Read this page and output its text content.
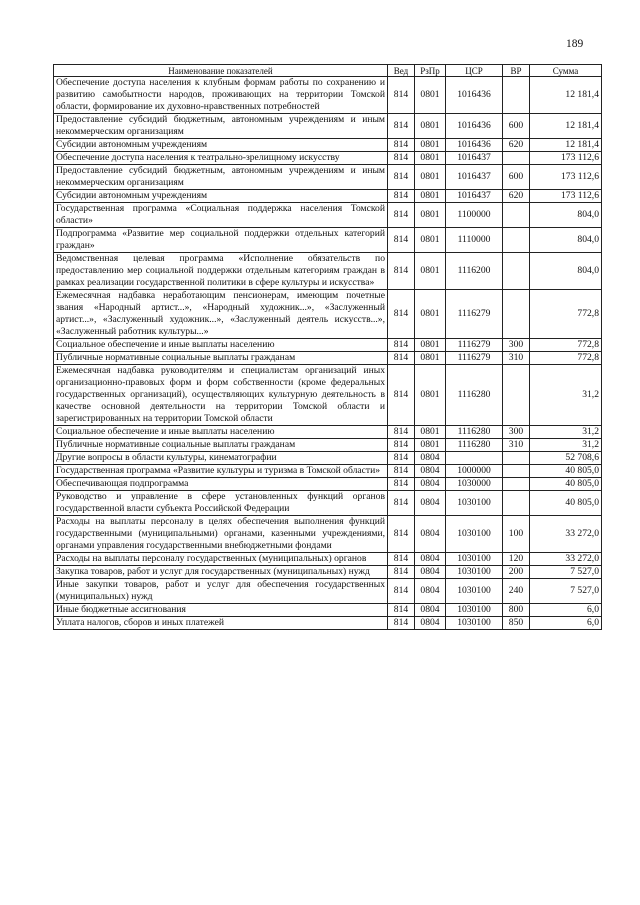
189
Наименование показателей	Вед	РзПр	ЦСР	ВР	Сумма
Обеспечение доступа населения к клубным формам работы по сохранению и развитию самобытности народов, проживающих на территории Томской области, формирование их духовно-нравственных потребностей	814	0801	1016436		12 181,4
Предоставление субсидий бюджетным, автономным учреждениям и иным некоммерческим организациям	814	0801	1016436	600	12 181,4
Субсидии автономным учреждениям	814	0801	1016436	620	12 181,4
Обеспечение доступа населения к театрально-зрелищному искусству	814	0801	1016437		173 112,6
Предоставление субсидий бюджетным, автономным учреждениям и иным некоммерческим организациям	814	0801	1016437	600	173 112,6
Субсидии автономным учреждениям	814	0801	1016437	620	173 112,6
Государственная программа «Социальная поддержка населения Томской области»	814	0801	1100000		804,0
Подпрограмма «Развитие мер социальной поддержки отдельных категорий граждан»	814	0801	1110000		804,0
Ведомственная целевая программа «Исполнение обязательств по предоставлению мер социальной поддержки отдельным категориям граждан в рамках реализации государственной политики в сфере культуры и искусства»	814	0801	1116200		804,0
Ежемесячная надбавка неработающим пенсионерам, имеющим почетные звания «Народный артист...», «Народный художник...», «Заслуженный артист...», «Заслуженный художник...», «Заслуженный деятель искусств...», «Заслуженный работник культуры...»	814	0801	1116279		772,8
Социальное обеспечение и иные выплаты населению	814	0801	1116279	300	772,8
Публичные нормативные социальные выплаты гражданам	814	0801	1116279	310	772,8
Ежемесячная надбавка руководителям и специалистам организаций иных организационно-правовых форм и форм собственности (кроме федеральных государственных организаций), осуществляющих культурную деятельность в качестве основной деятельности на территории Томской области и зарегистрированных на территории Томской области	814	0801	1116280		31,2
Социальное обеспечение и иные выплаты населению	814	0801	1116280	300	31,2
Публичные нормативные социальные выплаты гражданам	814	0801	1116280	310	31,2
Другие вопросы в области культуры, кинематографии	814	0804			52 708,6
Государственная программа «Развитие культуры и туризма в Томской области»	814	0804	1000000		40 805,0
Обеспечивающая подпрограмма	814	0804	1030000		40 805,0
Руководство и управление в сфере установленных функций органов государственной власти субъекта Российской Федерации	814	0804	1030100		40 805,0
Расходы на выплаты персоналу в целях обеспечения выполнения функций государственными (муниципальными) органами, казенными учреждениями, органами управления государственными внебюджетными фондами	814	0804	1030100	100	33 272,0
Расходы на выплаты персоналу государственных (муниципальных) органов	814	0804	1030100	120	33 272,0
Закупка товаров, работ и услуг для государственных (муниципальных) нужд	814	0804	1030100	200	7 527,0
Иные закупки товаров, работ и услуг для обеспечения государственных (муниципальных) нужд	814	0804	1030100	240	7 527,0
Иные бюджетные ассигнования	814	0804	1030100	800	6,0
Уплата налогов, сборов и иных платежей	814	0804	1030100	850	6,0
